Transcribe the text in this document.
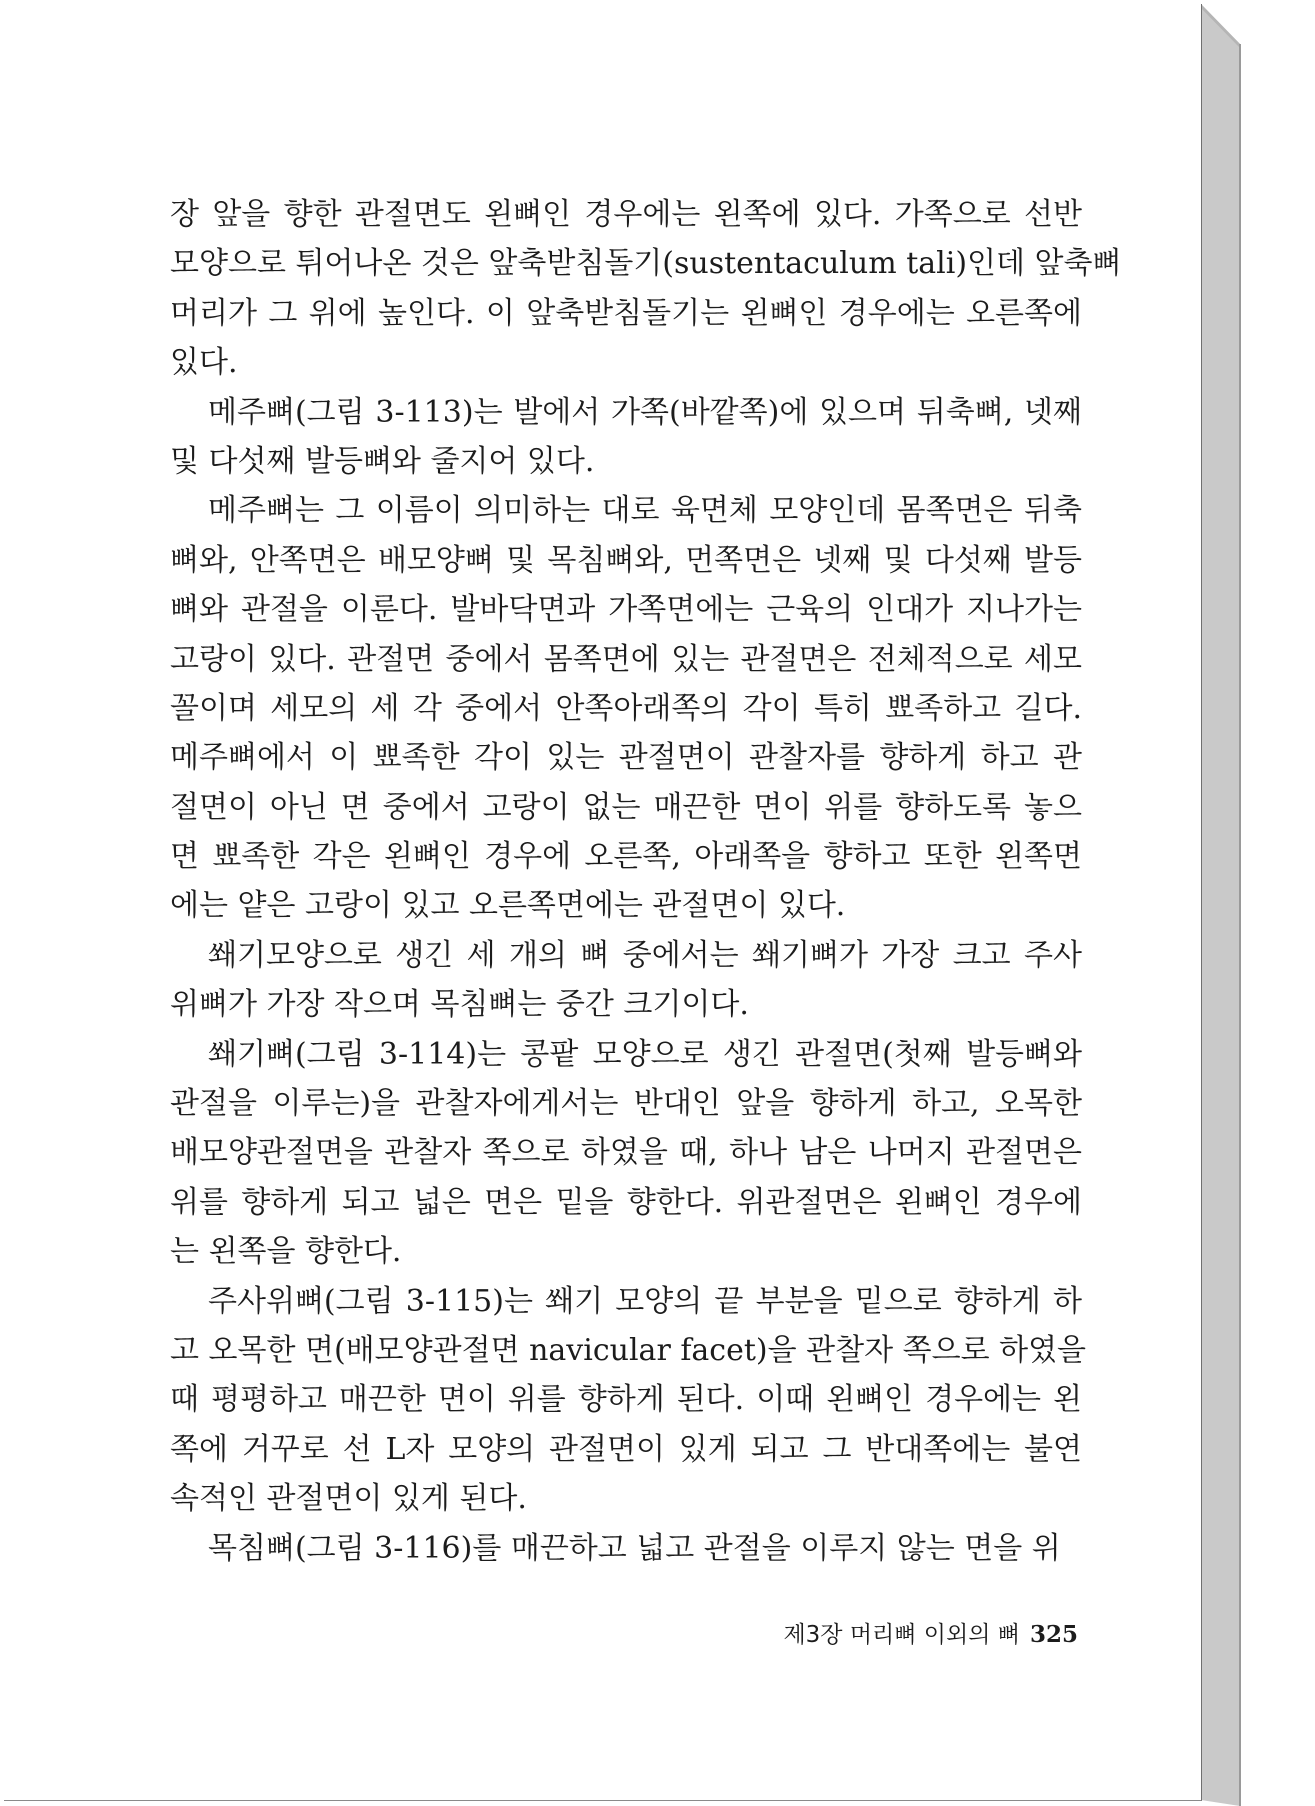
장 앞을 향한 관절면도 왼뼈인 경우에는 왼쪽에 있다. 가쪽으로 선반
모양으로 튀어나온 것은 앞축받침돌기(sustentaculum tali)인데 앞축뼈
머리가 그 위에 높인다. 이 앞축받침돌기는 왼뼈인 경우에는 오른쪽에
있다.
메주뼈(그림 3-113)는 발에서 가쪽(바깥쪽)에 있으며 뒤축뼈, 넷째
및 다섯째 발등뼈와 줄지어 있다.
메주뼈는 그 이름이 의미하는 대로 육면체 모양인데 몸쪽면은 뒤축
뼈와, 안쪽면은 배모양뼈 및 목침뼈와, 먼쪽면은 넷째 및 다섯째 발등
뼈와 관절을 이룬다. 발바닥면과 가쪽면에는 근육의 인대가 지나가는
고랑이 있다. 관절면 중에서 몸쪽면에 있는 관절면은 전체적으로 세모
꼴이며 세모의 세 각 중에서 안쪽아래쪽의 각이 특히 뾰족하고 길다.
메주뼈에서 이 뾰족한 각이 있는 관절면이 관찰자를 향하게 하고 관
절면이 아닌 면 중에서 고랑이 없는 매끈한 면이 위를 향하도록 놓으
면 뾰족한 각은 왼뼈인 경우에 오른쪽, 아래쪽을 향하고 또한 왼쪽면
에는 얕은 고랑이 있고 오른쪽면에는 관절면이 있다.
쐐기모양으로 생긴 세 개의 뼈 중에서는 쐐기뼈가 가장 크고 주사
위뼈가 가장 작으며 목침뼈는 중간 크기이다.
쐐기뼈(그림 3-114)는 콩팥 모양으로 생긴 관절면(첫째 발등뼈와
관절을 이루는)을 관찰자에게서는 반대인 앞을 향하게 하고, 오목한
배모양관절면을 관찰자 쪽으로 하였을 때, 하나 남은 나머지 관절면은
위를 향하게 되고 넓은 면은 밑을 향한다. 위관절면은 왼뼈인 경우에
는 왼쪽을 향한다.
주사위뼈(그림 3-115)는 쐐기 모양의 끝 부분을 밑으로 향하게 하
고 오목한 면(배모양관절면 navicular facet)을 관찰자 쪽으로 하였을
때 평평하고 매끈한 면이 위를 향하게 된다. 이때 왼뼈인 경우에는 왼
쪽에 거꾸로 선 L자 모양의 관절면이 있게 되고 그 반대쪽에는 불연
속적인 관절면이 있게 된다.
목침뼈(그림 3-116)를 매끈하고 넓고 관절을 이루지 않는 면을 위
제3장 머리뼈 이외의 뼈 325
